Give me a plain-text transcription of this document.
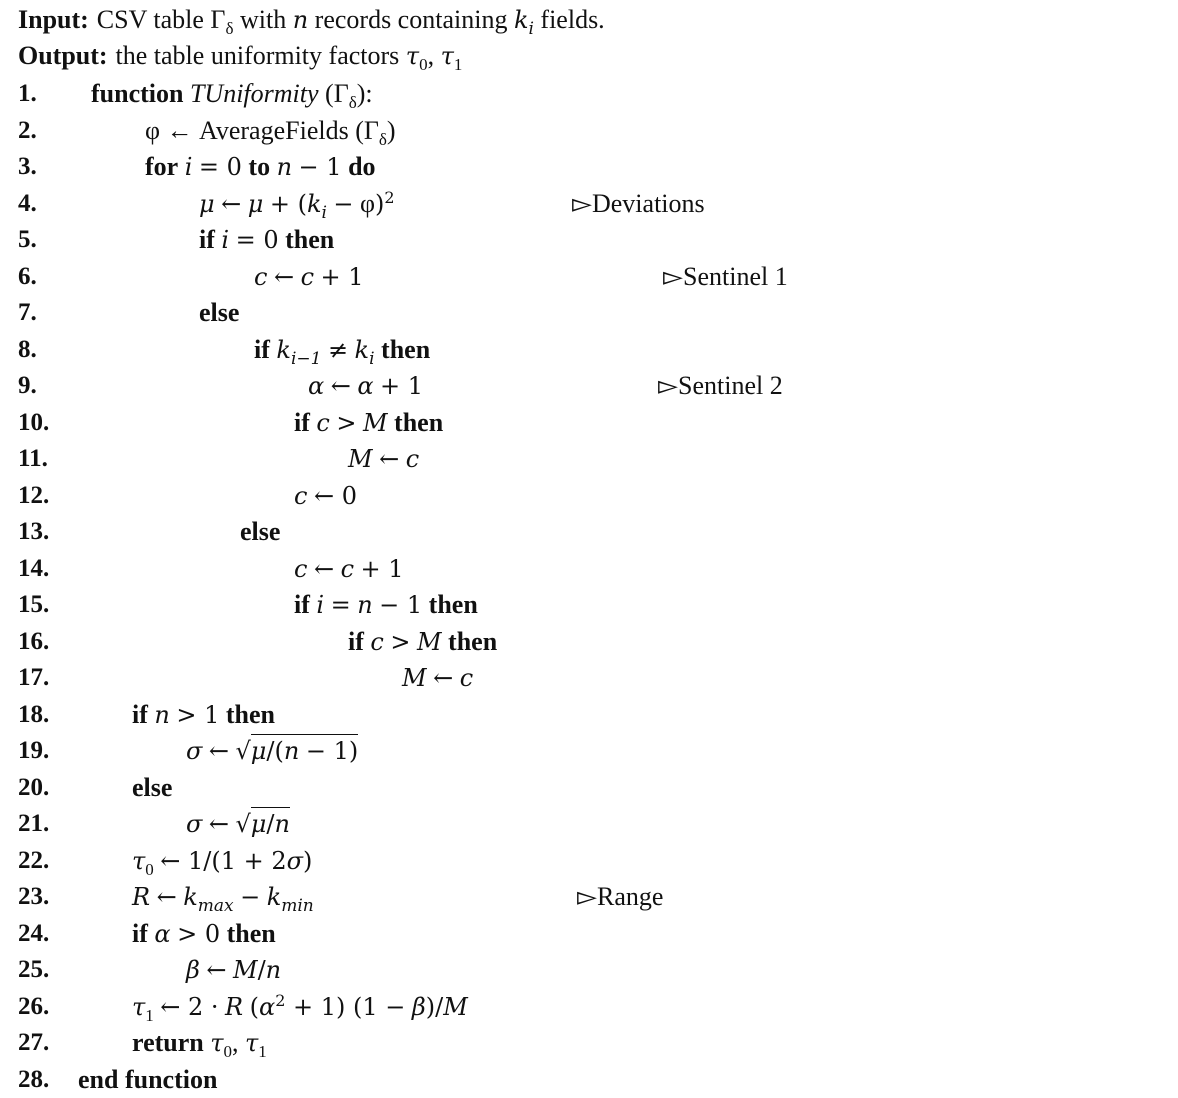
Input: CSV table $\Gamma_\delta$ with n records containing $k_i$ fields.
Output: the table uniformity factors $\tau_0$, $\tau_1$
1. function TUniformity $(\Gamma_\delta)$:
2.	φ ← AverageFields $(\Gamma_\delta)$
3.	for i = 0 to n − 1 do
4.	μ ← $\mu + (k_i - \varphi)^2$	▻Deviations
5.	if i = 0 then
6.	c ← c + 1	▻Sentinel 1
7.	else
8.	if $k_{i-1} \ne k_i$ then
9.	α ← α + 1	▻Sentinel 2
10.	if c > M then
11.	M ← c
12.	c ← 0
13.	else
14.	c ← c + 1
15.	if i = n − 1 then
16.	if c > M then
17.	M ← c
18.	if n > 1 then
19.	σ ← √μ/(n − 1)
20.	else
21.	σ ← √μ/n
22.	$\tau_0$ ← 1/(1 + 2σ)
23.	R ← $k_{max} - k_{min}$	▻Range
24.	if α > 0 then
25.	β ← M/n
26.	$\tau_1$ ← 2 · R $(\alpha^2 + 1) (1 - \beta)/M$
27.	return $\tau_0$, $\tau_1$
28. end function
